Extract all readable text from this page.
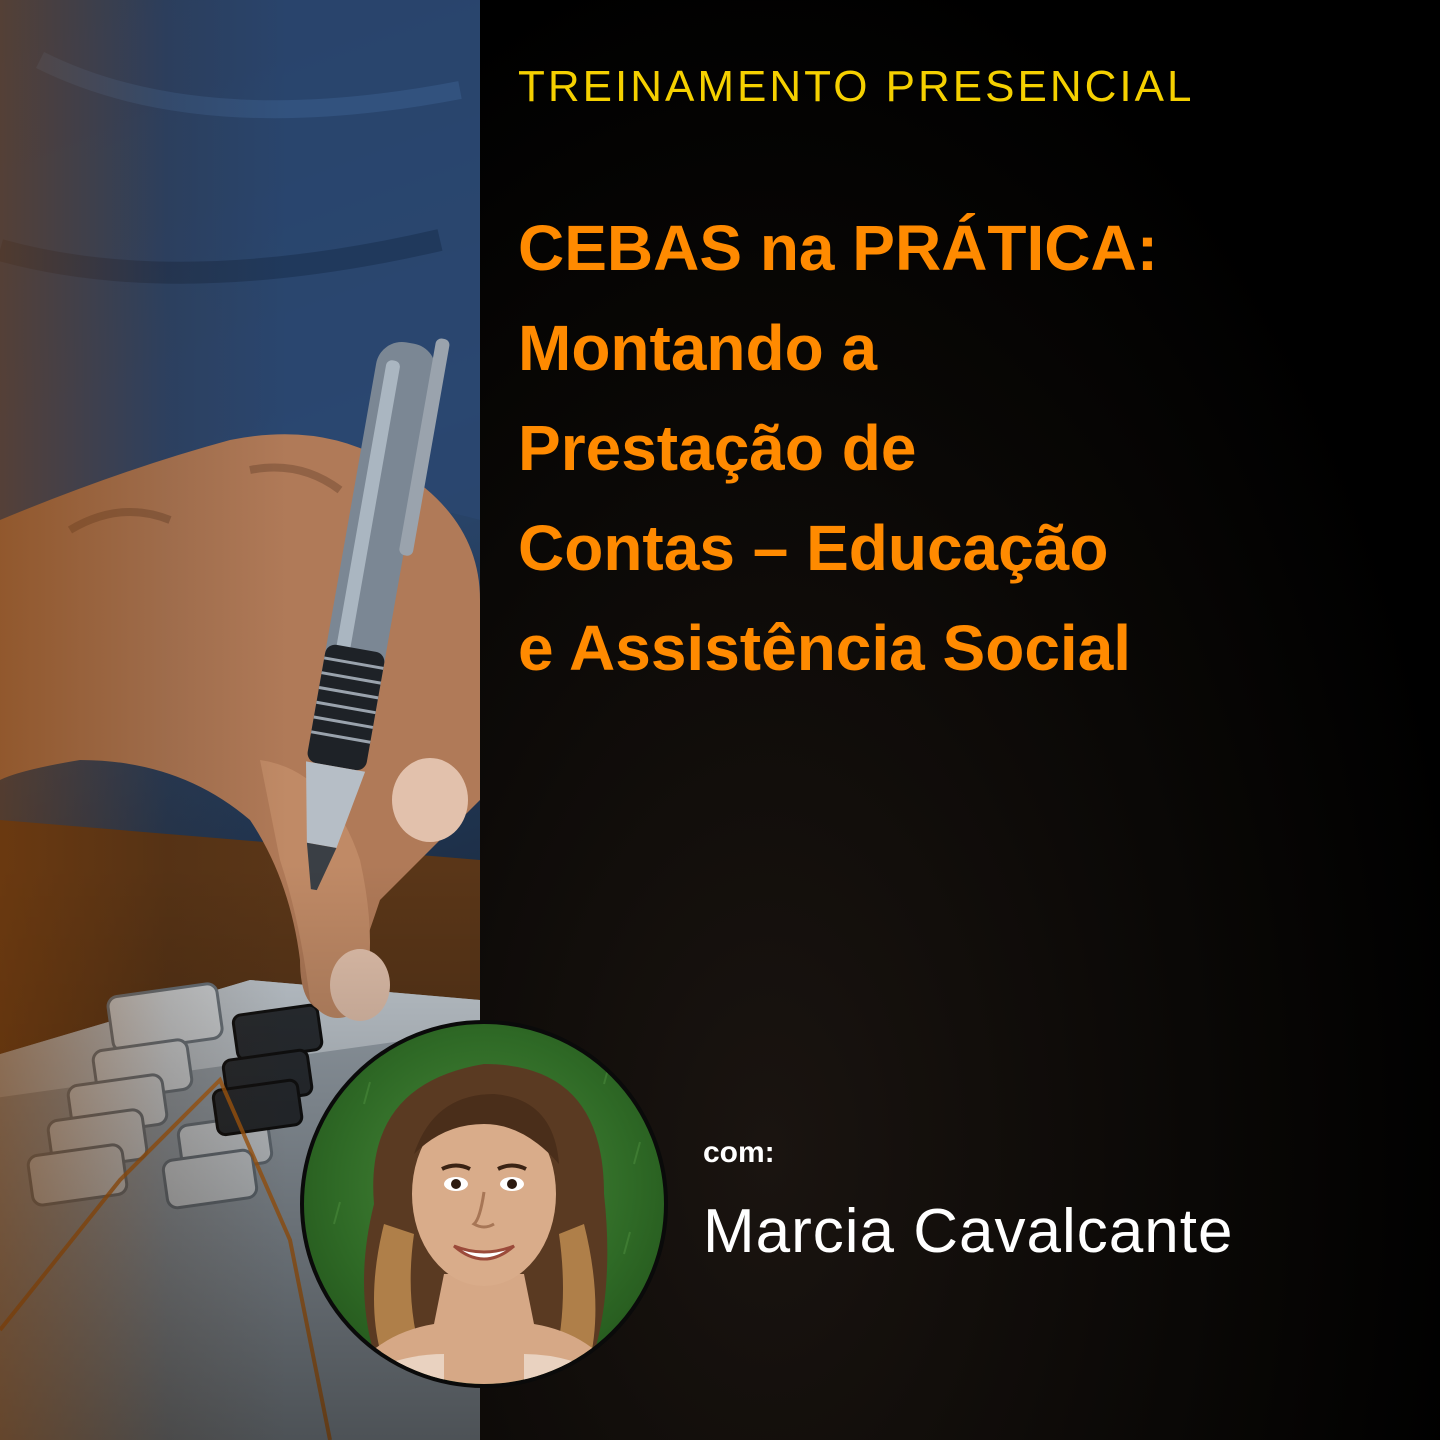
TREINAMENTO PRESENCIAL
CEBAS na PRÁTICA:
Montando a
Prestação de
Contas – Educação
e Assistência Social
com:
Marcia Cavalcante
